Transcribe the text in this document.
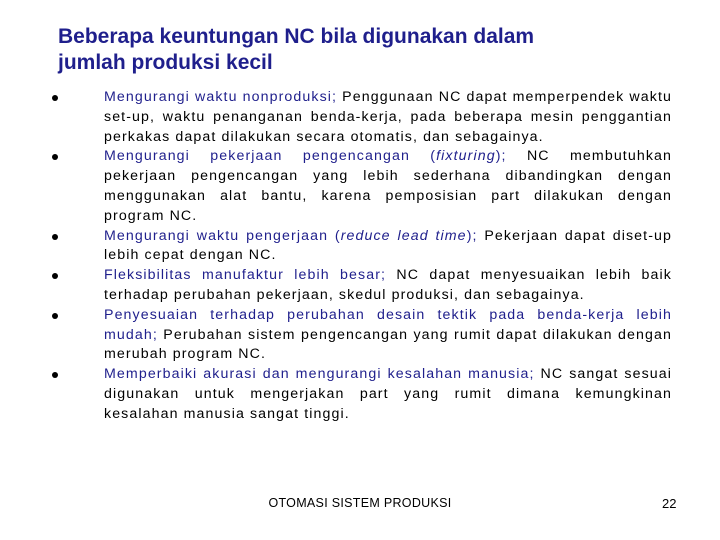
Beberapa keuntungan NC bila digunakan dalam
jumlah produksi kecil
Mengurangi waktu nonproduksi; Penggunaan NC dapat memperpendek waktu set-up, waktu penanganan benda-kerja, pada beberapa mesin penggantian perkakas dapat dilakukan secara otomatis, dan sebagainya.
Mengurangi pekerjaan pengencangan (fixturing); NC membutuhkan pekerjaan pengencangan yang lebih sederhana dibandingkan dengan menggunakan alat bantu, karena pemposisian part dilakukan dengan program NC.
Mengurangi waktu pengerjaan (reduce lead time); Pekerjaan dapat diset-up lebih cepat dengan NC.
Fleksibilitas manufaktur lebih besar; NC dapat menyesuaikan lebih baik terhadap perubahan pekerjaan, skedul produksi, dan sebagainya.
Penyesuaian terhadap perubahan desain tektik pada benda-kerja lebih mudah; Perubahan sistem pengencangan yang rumit dapat dilakukan dengan merubah program NC.
Memperbaiki akurasi dan mengurangi kesalahan manusia; NC sangat sesuai digunakan untuk mengerjakan part yang rumit dimana kemungkinan kesalahan manusia sangat tinggi.
OTOMASI SISTEM PRODUKSI	22
